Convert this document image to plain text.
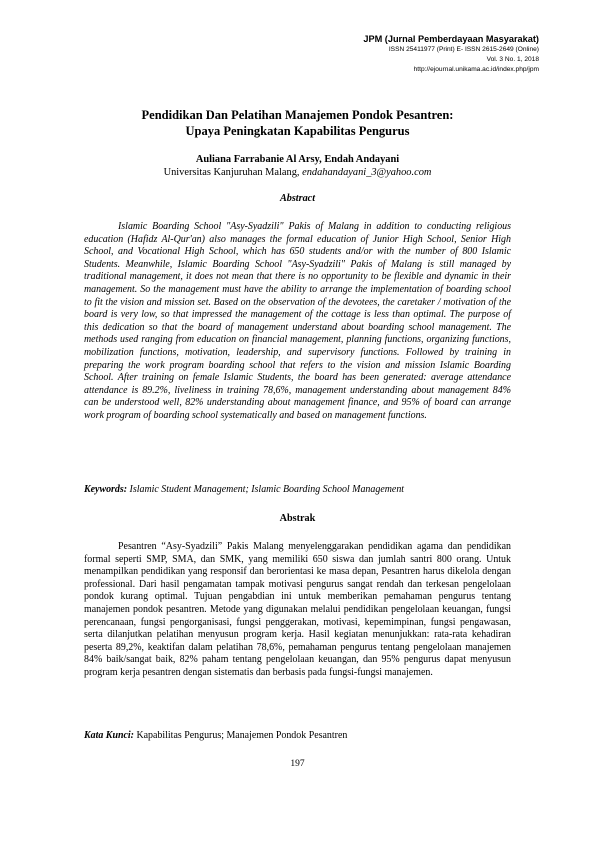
JPM (Jurnal Pemberdayaan Masyarakat)
ISSN 25411977 (Print) E- ISSN 2615-2649 (Online)
Vol. 3 No. 1, 2018
http://ejournal.unikama.ac.id/index.php/jpm
Pendidikan Dan Pelatihan Manajemen Pondok Pesantren:
Upaya Peningkatan Kapabilitas Pengurus
Auliana Farrabanie Al Arsy, Endah Andayani
Universitas Kanjuruhan Malang, endahandayani_3@yahoo.com
Abstract

Islamic Boarding School "Asy-Syadzili" Pakis of Malang in addition to conducting religious education (Hafidz Al-Qur'an) also manages the formal education of Junior High School, Senior High School, and Vocational High School, which has 650 students and/or with the number of 800 Islamic Students. Meanwhile, Islamic Boarding School "Asy-Syadzili" Pakis of Malang is still managed by traditional management, it does not mean that there is no opportunity to be flexible and dynamic in their management. So the management must have the ability to arrange the implementation of boarding school to fit the vision and mission set. Based on the observation of the devotees, the caretaker / motivation of the board is very low, so that impressed the management of the cottage is less than optimal. The purpose of this dedication so that the board of management understand about boarding school management. The methods used ranging from education on financial management, planning functions, organizing functions, mobilization functions, motivation, leadership, and supervisory functions. Followed by training in preparing the work program boarding school that refers to the vision and mission Islamic Boarding School. After training on female Islamic Students, the board has been generated: average attendance attendance is 89.2%, liveliness in training 78,6%, management understanding about management 84% can be understood well, 82% understanding about management finance, and 95% of board can arrange work program of boarding school systematically and based on management functions.

Keywords: Islamic Student Management; Islamic Boarding School Management
Abstrak

Pesantren “Asy-Syadzili” Pakis Malang menyelenggarakan pendidikan agama dan pendidikan formal seperti SMP, SMA, dan SMK, yang memiliki 650 siswa dan jumlah santri 800 orang. Untuk menampilkan pendidikan yang responsif dan berorientasi ke masa depan, Pesantren harus dikelola dengan professional. Dari hasil pengamatan tampak motivasi pengurus sangat rendah dan terkesan pengelolaan pondok kurang optimal. Tujuan pengabdian ini untuk memberikan pemahaman pengurus tentang manajemen pondok pesantren. Metode yang digunakan melalui pendidikan pengelolaan keuangan, fungsi perencanaan, fungsi pengorganisasi, fungsi penggerakan, motivasi, kepemimpinan, fungsi pengawasan, serta dilanjutkan pelatihan menyusun program kerja. Hasil kegiatan menunjukkan: rata-rata kehadiran peserta 89,2%, keaktifan dalam pelatihan 78,6%, pemahaman pengurus tentang pengelolaan manajemen 84% baik/sangat baik, 82% paham tentang pengelolaan keuangan, dan 95% pengurus dapat menyusun program kerja pesantren dengan sistematis dan berbasis pada fungsi-fungsi manajemen.

Kata Kunci: Kapabilitas Pengurus; Manajemen Pondok Pesantren
197
